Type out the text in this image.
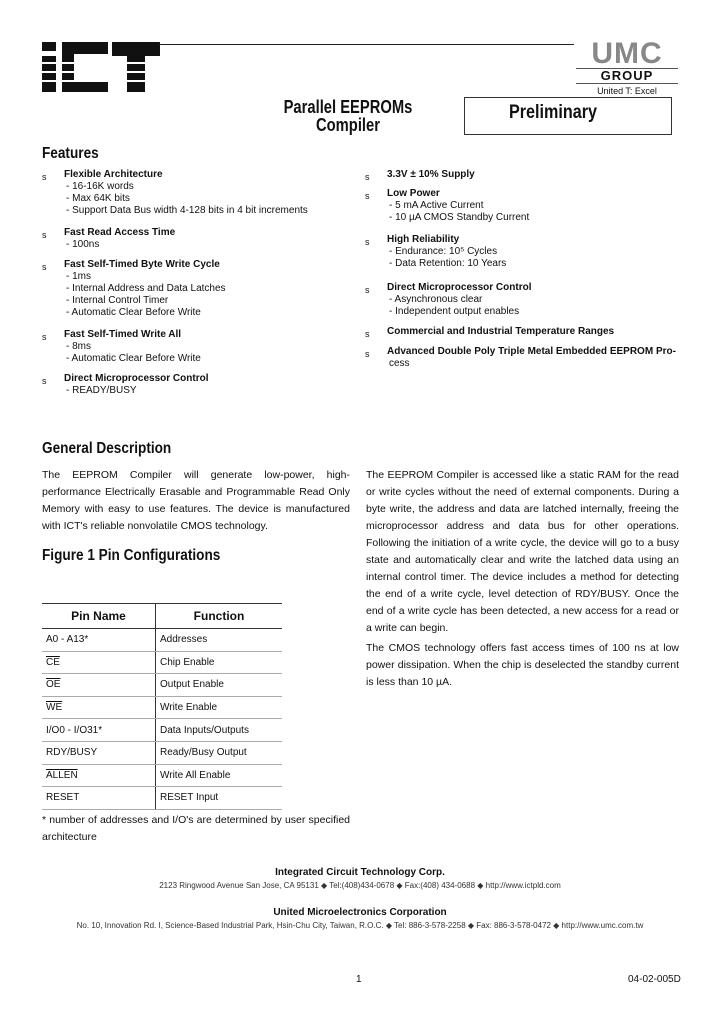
UMC
GROUP
United T: Excel
Parallel EEPROMs
Compiler
Preliminary
Features
s Flexible Architecture
- 16-16K words
- Max 64K bits
- Support Data Bus width 4-128 bits in 4 bit increments
s Fast Read Access Time
- 100ns
s Fast Self-Timed Byte Write Cycle
- 1ms
- Internal Address and Data Latches
- Internal Control Timer
- Automatic Clear Before Write
s Fast Self-Timed Write All
- 8ms
- Automatic Clear Before Write
s Direct Microprocessor Control
- READY/BUSY
s 3.3V ± 10% Supply
s Low Power
- 5 mA Active Current
- 10 µA CMOS Standby Current
s High Reliability
- Endurance: 10⁵ Cycles
- Data Retention: 10 Years
s Direct Microprocessor Control
- Asynchronous clear
- Independent output enables
s Commercial and Industrial Temperature Ranges
s Advanced Double Poly Triple Metal Embedded EEPROM Pro-
cess
General Description
The EEPROM Compiler will generate low-power, high-performance Electrically Erasable and Programmable Read Only Memory with easy to use features. The device is manufactured with ICT's reliable nonvolatile CMOS technology.
The EEPROM Compiler is accessed like a static RAM for the read or write cycles without the need of external components. During a byte write, the address and data are latched internally, freeing the microprocessor address and data bus for other operations. Following the initiation of a write cycle, the device will go to a busy state and automatically clear and write the latched data using an internal control timer. The device includes a method for detecting the end of a write cycle, level detection of RDY/BUSY. Once the end of a write cycle has been detected, a new access for a read or a write can begin.
The CMOS technology offers fast access times of 100 ns at low power dissipation. When the chip is deselected the standby current is less than 10 µA.
Figure 1 Pin Configurations
Pin Name	Function
A0 - A13*	Addresses
$\overline{CE}$	Chip Enable
$\overline{OE}$	Output Enable
$\overline{WE}$	Write Enable
I/O0 - I/O31*	Data Inputs/Outputs
RDY/BUSY	Ready/Busy Output
ALLEN	Write All Enable
RESET	RESET Input
* number of addresses and I/O's are determined by user specified architecture
Integrated Circuit Technology Corp.
2123 Ringwood Avenue San Jose, CA 95131 ◆ Tel:(408)434-0678 ◆ Fax:(408) 434-0688 ◆ http://www.ictpld.com
United Microelectronics Corporation
No. 10, Innovation Rd. I, Science-Based Industrial Park, Hsin-Chu City, Taiwan, R.O.C. ◆ Tel: 886-3-578-2258 ◆ Fax: 886-3-578-0472 ◆ http://www.umc.com.tw
1	04-02-005D
